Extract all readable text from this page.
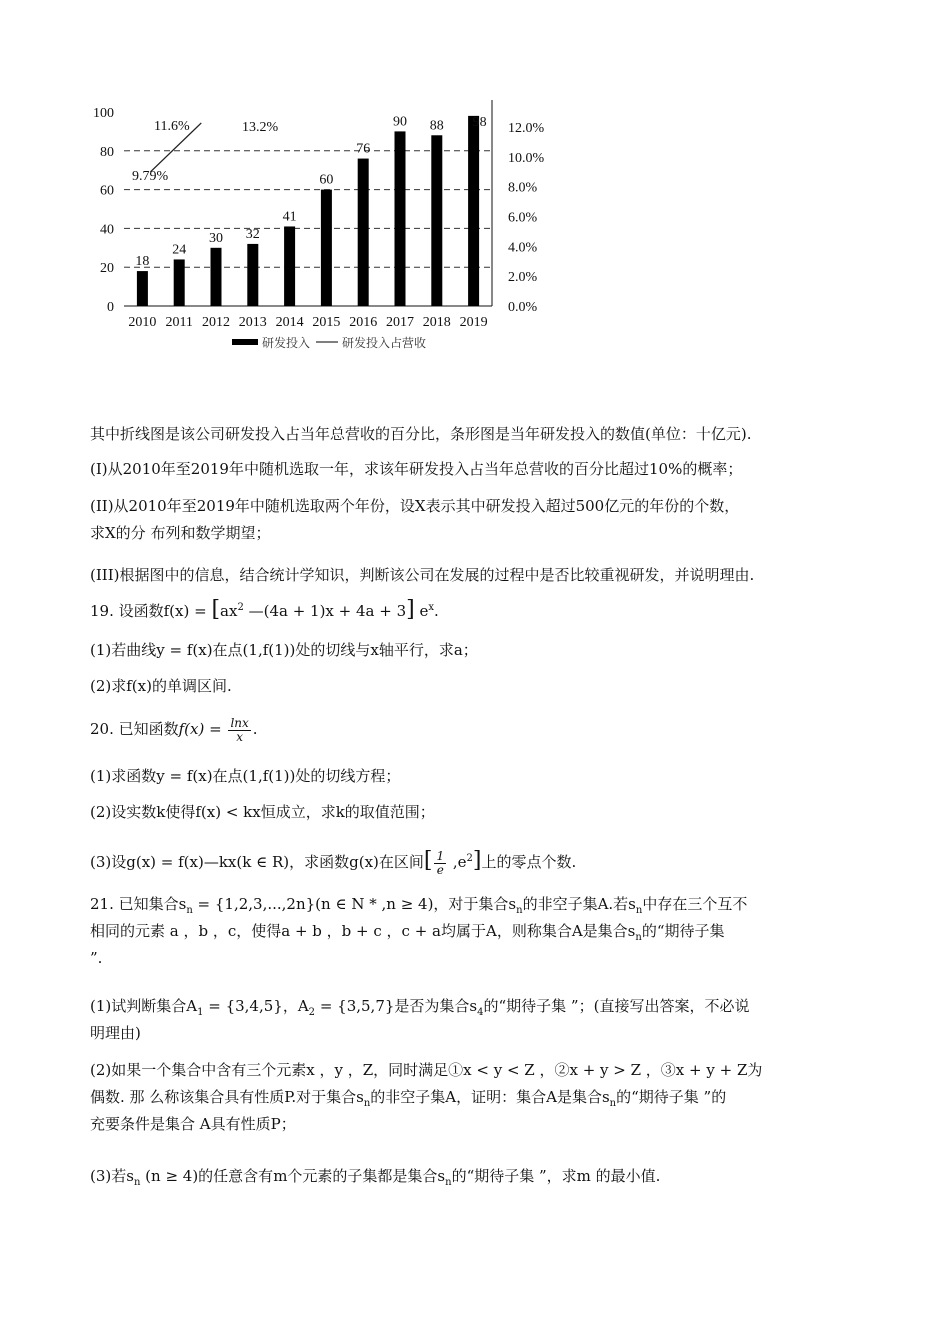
18
24
30 32
41
60
76
90 88 98
0
20
40
60
80
100
0.0%
2.0%
4.0%
6.0%
8.0%
10.0%
12.0%
2010 2011 2012 2013 2014 2015 2016 2017 2018 2019
9.79%
11.6%	13.2%
研发投入	研发投入占营收
其中折线图是该公司研发投入占当年总营收的百分比，条形图是当年研发投入的数值(单位：十亿元).
(I)从2010年至2019年中随机选取一年，求该年研发投入占当年总营收的百分比超过10%的概率；
(II)从2010年至2019年中随机选取两个年份，设X表示其中研发投入超过500亿元的年份的个数，
求X的分 布列和数学期望；
(III)根据图中的信息，结合统计学知识，判断该公司在发展的过程中是否比较重视研发，并说明理由.
19. 设函数$f(x) = [ax^2$ —(4a + 1)x + 4a + 3] $e^x$.
(1)若曲线y = f(x)在点(1,f(1))处的切线与x轴平行，求a；
(2)求f(x)的单调区间.
20. 已知函数$f(x) = \frac{\ln x}{x}$ .
(1)求函数y = f(x)在点(1,f(1))处的切线方程；
(2)设实数k使得f(x) < kx恒成立，求k的取值范围；
(3)设g(x) = f(x)—kx(k ∈ R)，求函数g(x)在区间[ $\frac{1}{e} ,e^2$]上的零点个数.
21. 已知集合$s_n = \{1,2,3,...,2n\}(n$ ∈ N * ,n ≥ 4)，对于集合$s_n$的非空子集A.若$s_n$中存在三个互不
相同的元素 a ，b ，c，使得a + b ，b + c ，c + a均属于A，则称集合A是集合$s_n$的“期待子集
”.
(1)试判断集合$A_1 = \{3,4,5\}$，$A_2 = \{3,5,7\}$是否为集合$s_4$的“期待子集 ”；(直接写出答案，不必说
明理由)
(2)如果一个集合中含有三个元素x ，y ，Z，同时满足①x < y < Z ，②x + y > Z ，③x + y + Z为
偶数. 那 么称该集合具有性质P.对于集合$s_n$的非空子集A，证明：集合A是集合$s_n$的“期待子集 ”的
充要条件是集合 A具有性质P；
(3)若$s_n$ (n ≥ 4)的任意含有m个元素的子集都是集合$s_n$的“期待子集 ”，求m 的最小值.
